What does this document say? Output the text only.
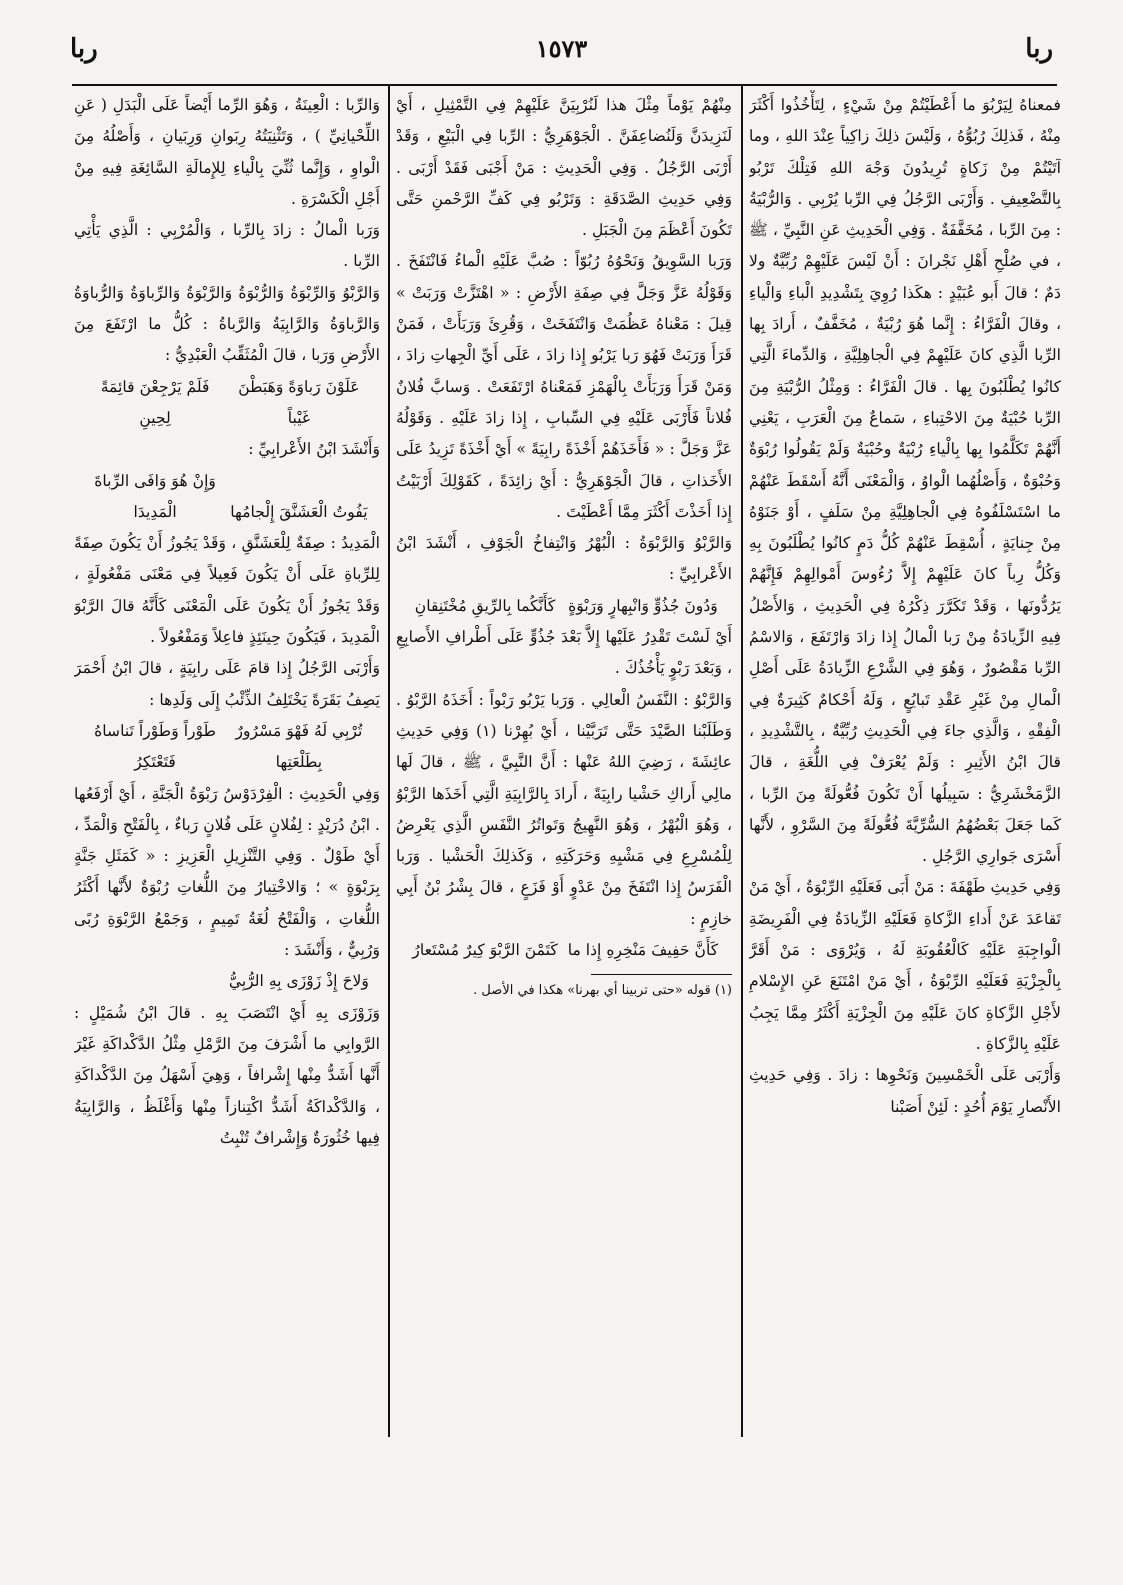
ربا
١٥٧٣
ربا

فمعناهُ لِيَرْبُوَ ما أَعْطَيْتُمْ مِنْ شَيْءٍ ، لِتَأْخُذُوا أَكْثَرَ مِنْهُ ، فَذلِكَ رُبُوُّهُ ، وَلَيْسَ ذلِكَ زاكِياً عِنْدَ اللهِ ، وما آتَيْتُمْ مِنْ زَكاةٍ تُرِيدُونَ وَجْهَ اللهِ فَتِلْكَ تَرْبُو بِالتَّضْعِيفِ . وَأَرْبَى الرَّجُلُ فِي الرِّبا يُرْبِي . وَالرُّبْيَةُ : مِنَ الرِّبا ، مُخَفَّفَةٌ . وَفِي الْحَدِيثِ عَنِ النَّبِيِّ ، ﷺ ، في صُلْحِ أَهْلِ نَجْرانَ : أَنْ لَيْسَ عَلَيْهِمْ رُبِّيَّةٌ ولا دَمٌ ؛ قالَ أَبو عُبَيْدٍ : هكَذا رُوِيَ بِتَشْدِيدِ الْباءِ وَالْياءِ ، وقالَ الْفَرَّاءُ : إِنَّما هُوَ رُبْيَةٌ ، مُخَفَّفٌ ، أَرادَ بِها الرِّبا الَّذِي كانَ عَلَيْهِمْ فِي الْجاهِلِيَّةِ ، وَالدِّماءَ الَّتِي كانُوا يُطْلَبُونَ بِها . قالَ الْفَرَّاءُ : وَمِثْلُ الرُّبْيَةِ مِنَ الرِّبا حُبْيَةٌ مِنَ الاحْتِباءِ ، سَماعٌ مِنَ الْعَرَبِ ، يَعْنِي أَنَّهُمْ تَكَلَّمُوا بِها بِالْياءِ رُبْيَةٌ وحُبْيَةٌ وَلَمْ يَقُولُوا رُبْوَةٌ وَحُبْوَةٌ ، وَأَصْلُهُما الْواوُ ، وَالْمَعْنَى أَنَّهُ أَسْقَطَ عَنْهُمْ ما اسْتَسْلَفُوهُ فِي الْجاهِلِيَّةِ مِنْ سَلَفٍ ، أَوْ جَنَوْهُ مِنْ جِنايَةٍ ، أُسْقِطَ عَنْهُمْ كُلُّ دَمٍ كانُوا يُطْلَبُونَ بِهِ وَكُلُّ رِباً كانَ عَلَيْهِمْ إِلاَّ رُءُوسَ أَمْوالِهِمْ فَإِنَّهُمْ يَرُدُّونَها ، وَقَدْ تَكَرَّرَ ذِكْرُهُ فِي الْحَدِيثِ ، وَالأَصْلُ فِيهِ الزِّيادَةُ مِنْ رَبا الْمالُ إِذا زادَ وَارْتَفَعَ ، وَالاسْمُ الرِّبا مَقْصُورٌ ، وَهُوَ فِي الشَّرْعِ الزِّيادَةُ عَلَى أَصْلِ الْمالِ مِنْ غَيْرِ عَقْدِ تَبايُعٍ ، وَلَهُ أَحْكامٌ كَثِيرَةٌ فِي الْفِقْهِ ، وَالَّذِي جاءَ فِي الْحَدِيثِ رُبِّيَّةٌ ، بِالتَّشْدِيدِ ، قالَ ابْنُ الأَثِيرِ : وَلَمْ يُعْرَفْ فِي اللُّغَةِ ، قالَ الزَّمَخْشَرِيُّ : سَبِيلُها أَنْ تَكُونَ فُعُّولَةً مِنَ الرِّبا ، كَما جَعَلَ بَعْضُهُمُ السُّرِّيَّةَ فُعُّولَةً مِنَ السَّرْوِ ، لأَنَّها أَسْرَى جَوارِي الرَّجُلِ .

وَفِي حَدِيثِ طَهْفَةَ : مَنْ أَبَى فَعَلَيْهِ الرِّبْوَةُ ، أَيْ مَنْ تَقاعَدَ عَنْ أَداءِ الزَّكاةِ فَعَلَيْهِ الزِّيادَةُ فِي الْفَرِيضَةِ الْواجِبَةِ عَلَيْهِ كَالْعُقُوبَةِ لَهُ ، وَيُرْوَى : مَنْ أَقَرَّ بِالْجِزْيَةِ فَعَلَيْهِ الرِّبْوَةُ ، أَيْ مَنْ امْتَنَعَ عَنِ الإِسْلامِ لأَجْلِ الزَّكاةِ كانَ عَلَيْهِ مِنَ الْجِزْيَةِ أَكْثَرُ مِمَّا يَجِبُ عَلَيْهِ بِالزَّكاةِ .

وَأَرْبَى عَلَى الْخَمْسِينَ وَنَحْوِها : زادَ . وَفِي حَدِيثِ الأَنْصارِ يَوْمَ أُحُدٍ : لَئِنْ أَصَبْنا

مِنْهُمْ يَوْماً مِثْلَ هذا لَنُرْبِيَنَّ عَلَيْهِمْ فِي التَّمْثِيلِ ، أَيْ لَنَزِيدَنَّ وَلَنُضاعِفَنَّ . الْجَوْهَرِيُّ : الرِّبا فِي الْبَيْعِ ، وَقَدْ أَرْبَى الرَّجُلُ . وَفِي الْحَدِيثِ : مَنْ أَجْبَى فَقَدْ أَرْبَى . وَفِي حَدِيثِ الصَّدَقَةِ : وَتَرْبُو فِي كَفِّ الرَّحْمنِ حَتَّى تَكُونَ أَعْظَمَ مِنَ الْجَبَلِ .

وَرَبا السَّوِيقُ وَنَحْوُهُ رُبُوّاً : صُبَّ عَلَيْهِ الْماءُ فَانْتَفَخَ . وَقَوْلُهُ عَزَّ وَجَلَّ فِي صِفَةِ الأَرْضِ : « اهْتَزَّتْ وَرَبَتْ » قِيلَ : مَعْناهُ عَظُمَتْ وَانْتَفَخَتْ ، وَقُرِئَ وَرَبَأَتْ ، فَمَنْ قَرَأَ وَرَبَتْ فَهُوَ رَبا يَرْبُو إِذا زادَ ، عَلَى أَيِّ الْجِهاتِ زادَ ، وَمَنْ قَرَأَ وَرَبَأَتْ بِالْهَمْزِ فَمَعْناهُ ارْتَفَعَتْ . وَسابَّ فُلانٌ فُلاناً فَأَرْبَى عَلَيْهِ فِي السِّبابِ ، إِذا زادَ عَلَيْهِ . وَقَوْلُهُ عَزَّ وَجَلَّ : « فَأَخَذَهُمْ أَخْذَةً رابِيَةً » أَيْ أَخْذَةً تَزِيدُ عَلَى الأَخَذاتِ ، قالَ الْجَوْهَرِيُّ : أَيْ زائِدَةً ، كَقَوْلِكَ أَرْبَيْتُ إِذا أَخَذْتَ أَكْثَرَ مِمَّا أَعْطَيْتَ .

وَالرَّبْوُ وَالرَّبْوَةُ : الْبُهْرُ وَانْتِفاخُ الْجَوْفِ ، أَنْشَدَ ابْنُ الأَعْرابِيِّ :

وَدُونَ جُذُوٍّ وَانْبِهارٍ وَرَبْوَةٍكَأَنَّكُما بِالرِّيقِ مُخْتَنِقانِ

أَيْ لَسْتَ تَقْدِرُ عَلَيْها إِلاَّ بَعْدَ جُذُوٍّ عَلَى أَطْرافِ الأَصابِعِ ، وَبَعْدَ رَبْوٍ يَأْخُذُكَ .

وَالرَّبْوُ : النَّفَسُ الْعالِي . وَرَبا يَرْبُو رَبْواً : أَخَذَهُ الرَّبْوُ . وَطَلَبْنا الصَّيْدَ حَتَّى تَرَبَّيْنا ، أَيْ بُهِرْنا (١) وَفِي حَدِيثِ عائِشَةَ ، رَضِيَ اللهُ عَنْها : أَنَّ النَّبِيَّ ، ﷺ ، قالَ لَها مالِي أَراكِ حَشْيا رابِيَةً ، أَرادَ بِالرَّابِيَةِ الَّتِي أَخَذَها الرَّبْوُ ، وَهُوَ الْبُهْرُ ، وَهُوَ النَّهِيجُ وَتَواتُرُ النَّفَسِ الَّذِي يَعْرِضُ لِلْمُسْرِعِ فِي مَشْيِهِ وَحَرَكَتِهِ ، وَكَذلِكَ الْحَشْيا . وَرَبا الْفَرَسُ إِذا انْتَفَخَ مِنْ عَدْوٍ أَوْ فَزَعٍ ، قالَ بِشْرُ بْنُ أَبِي خازِمٍ :

كَأَنَّ حَفِيفَ مَنْخِرِهِ إِذا ماكَتَمْنَ الرَّبْوَ كِيرٌ مُسْتَعارُ

(١) قوله «حتى تربينا أي بهرنا» هكذا في الأصل .

وَالرِّبا : الْعِينَةُ ، وَهُوَ الرِّما أَيْضاً عَلَى الْبَدَلِ ( عَنِ اللِّحْيانِيِّ ) ، وَتَثْنِيَتُهُ رِبَوانِ وَرِبَيانِ ، وَأَصْلُهُ مِنَ الْواوِ ، وَإِنَّما ثُنِّيَ بِالْياءِ لِلإِمالَةِ السَّائِغَةِ فِيهِ مِنْ أَجْلِ الْكَسْرَةِ .

وَرَبا الْمالُ : زادَ بِالرِّبا ، وَالْمُرْبِي : الَّذِي يَأْتِي الرِّبا .

وَالرَّبْوُ وَالرِّبْوَةُ وَالرُّبْوَةُ وَالرَّبْوَةُ وَالرِّباوَةُ وَالرُّباوَةُ وَالرَّباوَةُ وَالرَّابِيَةُ وَالرَّباةُ : كُلُّ ما ارْتَفَعَ مِنَ الأَرْضِ وَرَبا ، قالَ الْمُثَقِّبُ الْعَبْدِيُّ :

عَلَوْنَ رَباوَةً وَهَبَطْنَ غَيْباًفَلَمْ يَرْجِعْنَ قائِمَةً لِحِينِ

وَأَنْشَدَ ابْنُ الأَعْرابِيِّ :

يَفُوتُ الْعَشَنَّقَ إِلْجامُهاوَإِنْ هُوَ وَافَى الرِّباةَ الْمَدِيدَا

الْمَدِيدُ : صِفَةٌ لِلْعَشَنَّقِ ، وَقَدْ يَجُوزُ أَنْ يَكُونَ صِفَةً لِلرِّباةِ عَلَى أَنْ يَكُونَ فَعِيلاً فِي مَعْنَى مَفْعُولَةٍ ، وَقَدْ يَجُوزُ أَنْ يَكُونَ عَلَى الْمَعْنَى كَأَنَّهُ قالَ الرَّبْوَ الْمَدِيدَ ، فَيَكُونَ حِينَئِذٍ فاعِلاً وَمَفْعُولاً .

وَأَرْبَى الرَّجُلُ إِذا قامَ عَلَى رابِيَةٍ ، قالَ ابْنُ أَحْمَرَ يَصِفُ بَقَرَةً يَخْتَلِفُ الذِّئْبُ إِلَى وَلَدِها :

تُرْبِي لَهُ فَهْوَ مَسْرُورٌ بِطَلْعَتِهاطَوْراً وَطَوْراً تَناساهُ فَتَعْتَكِرُ

وَفِي الْحَدِيثِ : الْفِرْدَوْسُ رَبْوَةُ الْجَنَّةِ ، أَيْ أَرْفَعُها . ابْنُ دُرَيْدٍ : لِفُلانٍ عَلَى فُلانٍ رَباءٌ ، بِالْفَتْحِ وَالْمَدِّ ، أَيْ طَوْلٌ . وَفِي التَّنْزِيلِ الْعَزِيزِ : « كَمَثَلِ جَنَّةٍ بِرَبْوَةٍ » ؛ وَالاخْتِيارُ مِنَ اللُّغاتِ رُبْوَةٌ لأَنَّها أَكْثَرُ اللُّغاتِ ، وَالْفَتْحُ لُغَةُ تَمِيمٍ ، وَجَمْعُ الرَّبْوَةِ رُبًى وَرُبِيٌّ ، وَأَنْشَدَ :

وَلاحَ إِذْ زَوْزَى بِهِ الرُّبِيُّ

وَزَوْزَى بِهِ أَيْ انْتَصَبَ بِهِ . قالَ ابْنُ شُمَيْلٍ : الرَّوابِي ما أَشْرَفَ مِنَ الرَّمْلِ مِثْلُ الدَّكْداكَةِ غَيْرَ أَنَّها أَشَدُّ مِنْها إِشْرافاً ، وَهِيَ أَسْهَلُ مِنَ الدَّكْداكَةِ ، وَالدَّكْداكَةُ أَشَدُّ اكْتِنازاً مِنْها وَأَغْلَظُ ، وَالرَّابِيَةُ فِيها خُثُورَةٌ وَإِشْرافٌ تُنْبِتُ
